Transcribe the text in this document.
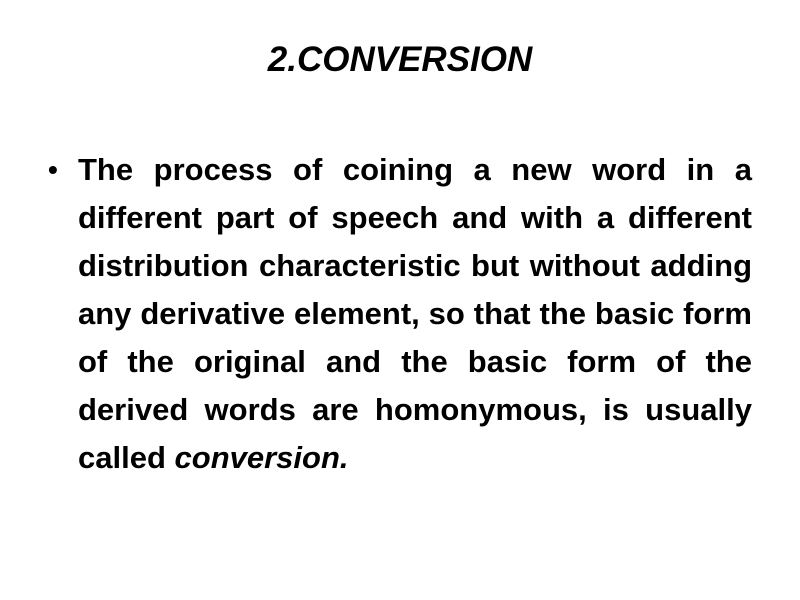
2.CONVERSION
• The process of coining a new word in a different part of speech and with a different distribution characteristic but without adding any derivative element, so that the basic form of the original and the basic form of the derived words are homonymous, is usually called conversion.
